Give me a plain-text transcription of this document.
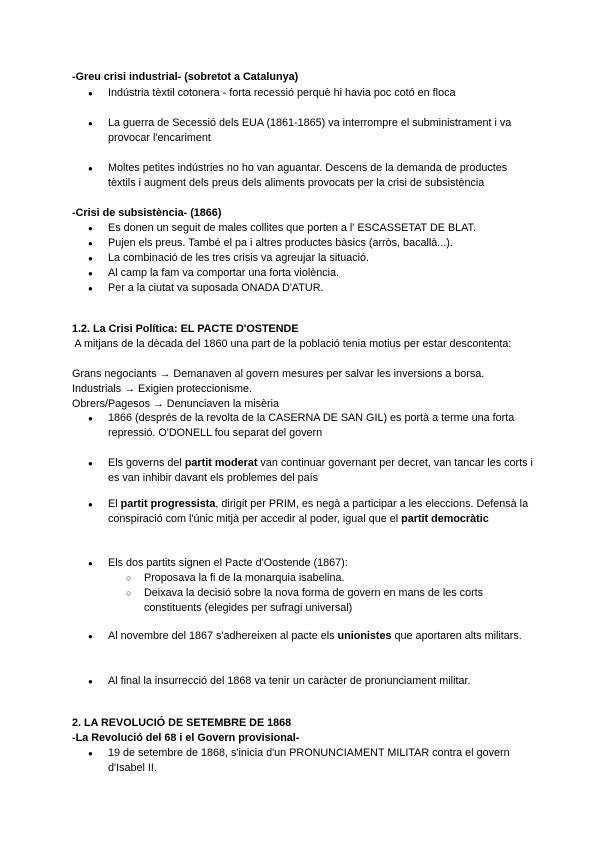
-Greu crisi industrial- (sobretot a Catalunya)
● Indústria tèxtil cotonera - forta recessió perquè hi havia poc cotó en floca
● La guerra de Secessió dels EUA (1861-1865) va interrompre el subministrament i va provocar l'encariment
● Moltes petites indústries no ho van aguantar. Descens de la demanda de productes tèxtils i augment dels preus dels aliments provocats per la crisi de subsistència
-Crisi de subsistència- (1866)
● Es donen un seguit de males collites que porten a l' ESCASSETAT DE BLAT.
● Pujen els preus. També el pa i altres productes bàsics (arròs, bacallà...).
● La combinació de les tres crisis va agreujar la situació.
● Al camp la fam va comportar una forta violència.
● Per a la ciutat va suposada ONADA D'ATUR.
1.2. La Crisi Política: EL PACTE D'OSTENDE
A mitjans de la dècada del 1860 una part de la població tenia motius per estar descontenta:
Grans negociants → Demanaven al govern mesures per salvar les inversions a borsa.
Industrials → Exigien proteccionisme.
Obrers/Pagesos → Denunciaven la misèria
● 1866 (després de la revolta de la CASERNA DE SAN GIL) es portà a terme una forta repressió. O'DONELL fou separat del govern
● Els governs del partit moderat van continuar governant per decret, van tancar les corts i es van inhibir davant els problemes del país
● El partit progressista, dirigit per PRIM, es negà a participar a les eleccions. Defensà la conspiració com l'únic mitjà per accedir al poder, igual que el partit democràtic
● Els dos partits signen el Pacte d'Oostende (1867):
○ Proposava la fi de la monarquia isabelina.
○ Deixava la decisió sobre la nova forma de govern en mans de les corts constituents (elegides per sufragi universal)
● Al novembre del 1867 s'adhereixen al pacte els unionistes que aportaren alts militars.
● Al final la insurrecció del 1868 va tenir un caràcter de pronunciament militar.
2. LA REVOLUCIÓ DE SETEMBRE DE 1868
-La Revolució del 68 i el Govern provisional-
● 19 de setembre de 1868, s'inicia d'un PRONUNCIAMENT MILITAR contra el govern d'Isabel II.
